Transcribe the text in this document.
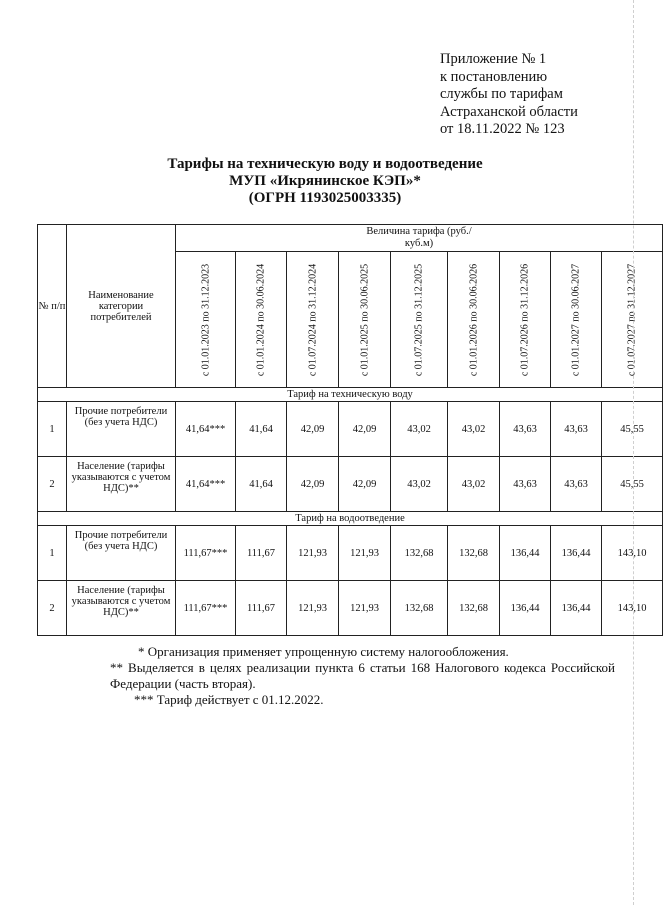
Приложение № 1
к постановлению
службы по тарифам
Астраханской области
от 18.11.2022 № 123
Тарифы на техническую воду и водоотведение
МУП «Икрянинское КЭП»*
(ОГРН 1193025003335)
№ п/п	Наименование категории потребителей	Величина тарифа (руб./куб.м)								

		с 01.01.2023 по 31.12.2023	с 01.01.2024 по 30.06.2024	с 01.07.2024 по 31.12.2024	с 01.01.2025 по 30.06.2025	с 01.07.2025 по 31.12.2025	с 01.01.2026 по 30.06.2026	с 01.07.2026 по 31.12.2026	с 01.01.2027 по 30.06.2027	с 01.07.2027 по 31.12.2027

Тариф на техническую воду										
1	Прочие потребители (без учета НДС)	41,64***	41,64	42,09	42,09	43,02	43,02	43,63	43,63	45,55
2	Население (тарифы указываются с учетом НДС)**	41,64***	41,64	42,09	42,09	43,02	43,02	43,63	43,63	45,55
Тариф на водоотведение										
1	Прочие потребители (без учета НДС)	111,67***	111,67	121,93	121,93	132,68	132,68	136,44	136,44	143,10
2	Население (тарифы указываются с учетом НДС)**	111,67***	111,67	121,93	121,93	132,68	132,68	136,44	136,44	143,10
* Организация применяет упрощенную систему налогообложения.
** Выделяется в целях реализации пункта 6 статьи 168 Налогового кодекса Российской Федерации (часть вторая).
*** Тариф действует с 01.12.2022.
